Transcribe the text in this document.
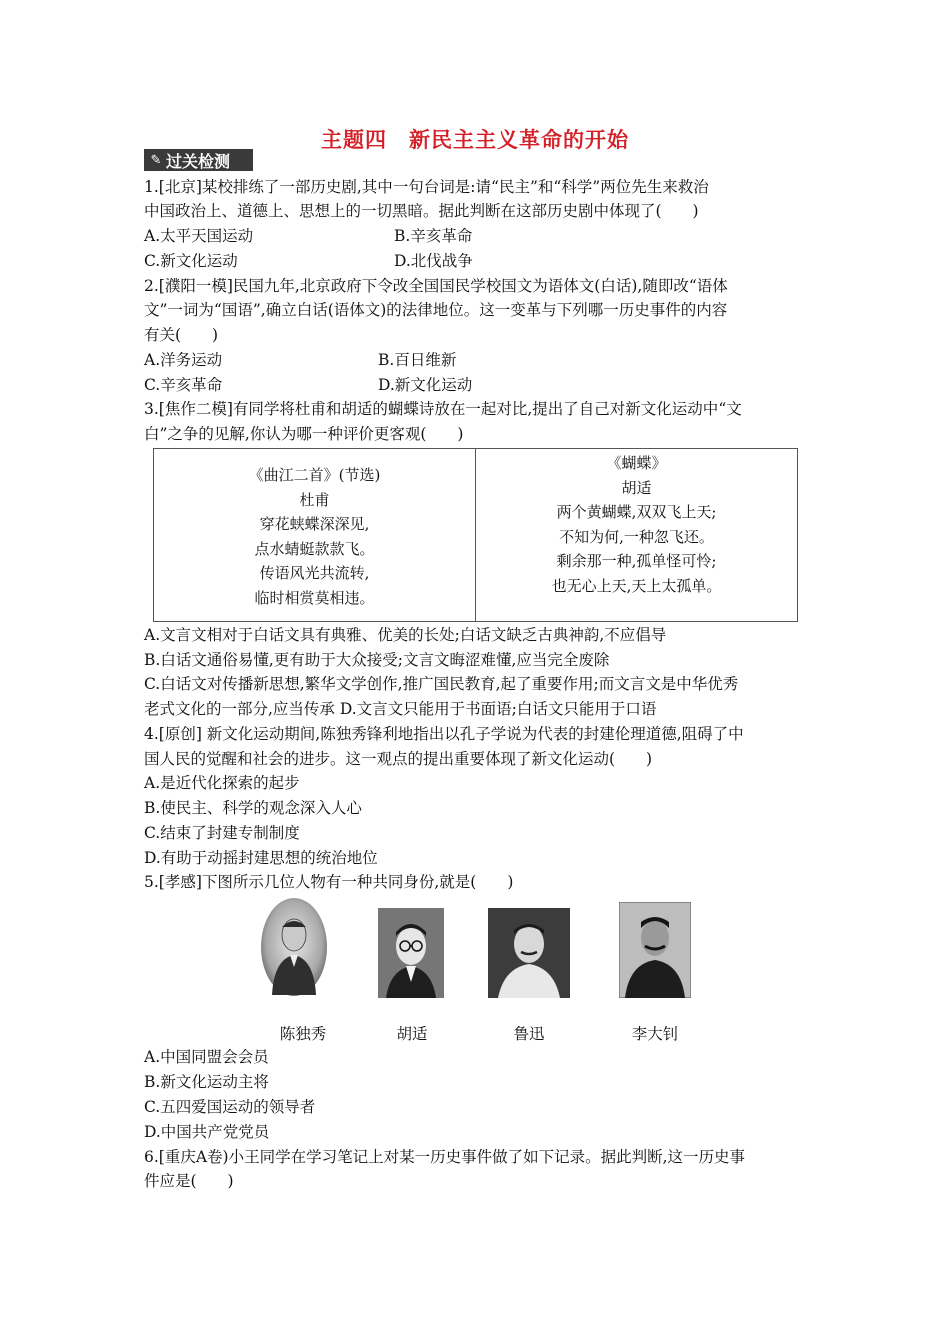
主题四　新民主主义革命的开始
✎ 过关检测
1.[北京]某校排练了一部历史剧,其中一句台词是:请“民主”和“科学”两位先生来救治
中国政治上、道德上、思想上的一切黑暗。据此判断在这部历史剧中体现了(　　)
A.太平天国运动	B.辛亥革命
C.新文化运动	D.北伐战争
2.[濮阳一模]民国九年,北京政府下令改全国国民学校国文为语体文(白话),随即改“语体
文”一词为“国语”,确立白话(语体文)的法律地位。这一变革与下列哪一历史事件的内容
有关(　　)
A.洋务运动	B.百日维新
C.辛亥革命	D.新文化运动
3.[焦作二模]有同学将杜甫和胡适的蝴蝶诗放在一起对比,提出了自己对新文化运动中“文
白”之争的见解,你认为哪一种评价更客观(　　)
《曲江二首》(节选)
杜甫
穿花蛱蝶深深见,
点水蜻蜓款款飞。
传语风光共流转,
临时相赏莫相违。
《蝴蝶》
胡适
两个黄蝴蝶,双双飞上天;
不知为何,一种忽飞还。
剩余那一种,孤单怪可怜;
也无心上天,天上太孤单。
A.文言文相对于白话文具有典雅、优美的长处;白话文缺乏古典神韵,不应倡导
B.白话文通俗易懂,更有助于大众接受;文言文晦涩难懂,应当完全废除
C.白话文对传播新思想,繁华文学创作,推广国民教育,起了重要作用;而文言文是中华优秀
老式文化的一部分,应当传承 D.文言文只能用于书面语;白话文只能用于口语
4.[原创] 新文化运动期间,陈独秀锋利地指出以孔子学说为代表的封建伦理道德,阻碍了中
国人民的觉醒和社会的进步。这一观点的提出重要体现了新文化运动(　　)
A.是近代化探索的起步
B.使民主、科学的观念深入人心
C.结束了封建专制制度
D.有助于动摇封建思想的统治地位
5.[孝感]下图所示几位人物有一种共同身份,就是(　　)
陈独秀	胡适	鲁迅	李大钊
A.中国同盟会会员
B.新文化运动主将
C.五四爱国运动的领导者
D.中国共产党党员
6.[重庆A卷)小王同学在学习笔记上对某一历史事件做了如下记录。据此判断,这一历史事
件应是(　　)
